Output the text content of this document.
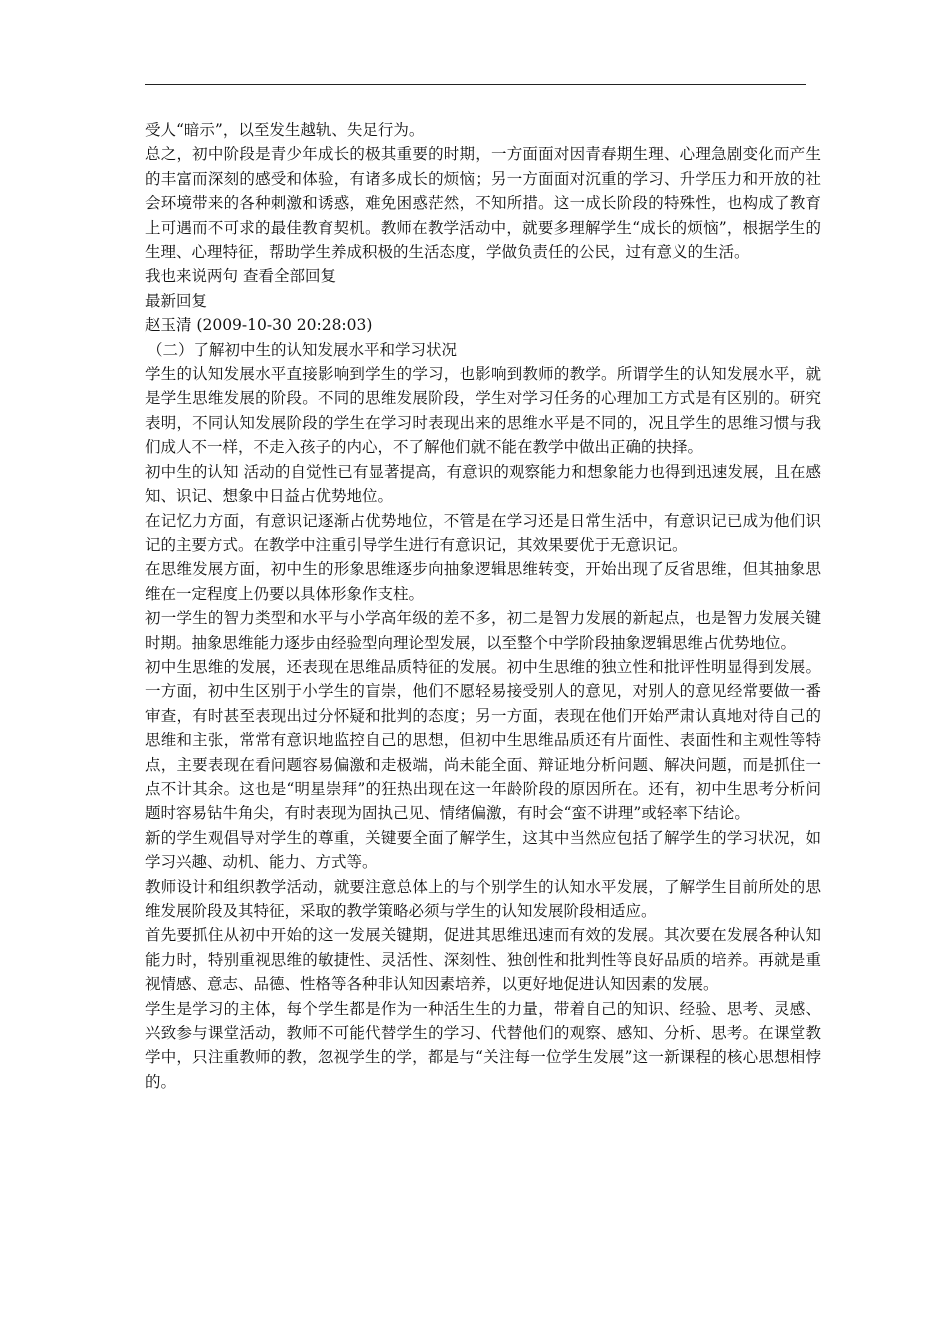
受人“暗示”，以至发生越轨、失足行为。

总之，初中阶段是青少年成长的极其重要的时期，一方面面对因青春期生理、心理急剧变化而产生的丰富而深刻的感受和体验，有诸多成长的烦恼；另一方面面对沉重的学习、升学压力和开放的社会环境带来的各种刺激和诱惑，难免困惑茫然，不知所措。这一成长阶段的特殊性，也构成了教育上可遇而不可求的最佳教育契机。教师在教学活动中，就要多理解学生“成长的烦恼”，根据学生的生理、心理特征，帮助学生养成积极的生活态度，学做负责任的公民，过有意义的生活。

我也来说两句 查看全部回复

最新回复

赵玉清 (2009-10-30 20:28:03)

（二）了解初中生的认知发展水平和学习状况

学生的认知发展水平直接影响到学生的学习，也影响到教师的教学。所谓学生的认知发展水平，就是学生思维发展的阶段。不同的思维发展阶段，学生对学习任务的心理加工方式是有区别的。研究表明，不同认知发展阶段的学生在学习时表现出来的思维水平是不同的，况且学生的思维习惯与我们成人不一样，不走入孩子的内心，不了解他们就不能在教学中做出正确的抉择。

初中生的认知 活动的自觉性已有显著提高，有意识的观察能力和想象能力也得到迅速发展，且在感知、识记、想象中日益占优势地位。

在记忆力方面，有意识记逐渐占优势地位，不管是在学习还是日常生活中，有意识记已成为他们识记的主要方式。在教学中注重引导学生进行有意识记，其效果要优于无意识记。

在思维发展方面，初中生的形象思维逐步向抽象逻辑思维转变，开始出现了反省思维，但其抽象思维在一定程度上仍要以具体形象作支柱。

初一学生的智力类型和水平与小学高年级的差不多，初二是智力发展的新起点，也是智力发展关键时期。抽象思维能力逐步由经验型向理论型发展，以至整个中学阶段抽象逻辑思维占优势地位。

初中生思维的发展，还表现在思维品质特征的发展。初中生思维的独立性和批评性明显得到发展。一方面，初中生区别于小学生的盲崇，他们不愿轻易接受别人的意见，对别人的意见经常要做一番审查，有时甚至表现出过分怀疑和批判的态度；另一方面，表现在他们开始严肃认真地对待自己的思维和主张，常常有意识地监控自己的思想，但初中生思维品质还有片面性、表面性和主观性等特点，主要表现在看问题容易偏激和走极端，尚未能全面、辩证地分析问题、解决问题，而是抓住一点不计其余。这也是“明星崇拜”的狂热出现在这一年龄阶段的原因所在。还有，初中生思考分析问题时容易钻牛角尖，有时表现为固执己见、情绪偏激，有时会“蛮不讲理”或轻率下结论。

新的学生观倡导对学生的尊重，关键要全面了解学生，这其中当然应包括了解学生的学习状况，如学习兴趣、动机、能力、方式等。

教师设计和组织教学活动，就要注意总体上的与个别学生的认知水平发展，了解学生目前所处的思维发展阶段及其特征，采取的教学策略必须与学生的认知发展阶段相适应。

首先要抓住从初中开始的这一发展关键期，促进其思维迅速而有效的发展。其次要在发展各种认知能力时，特别重视思维的敏捷性、灵活性、深刻性、独创性和批判性等良好品质的培养。再就是重视情感、意志、品德、性格等各种非认知因素培养，以更好地促进认知因素的发展。

学生是学习的主体，每个学生都是作为一种活生生的力量，带着自己的知识、经验、思考、灵感、兴致参与课堂活动，教师不可能代替学生的学习、代替他们的观察、感知、分析、思考。在课堂教学中，只注重教师的教，忽视学生的学，都是与“关注每一位学生发展”这一新课程的核心思想相悖的。
